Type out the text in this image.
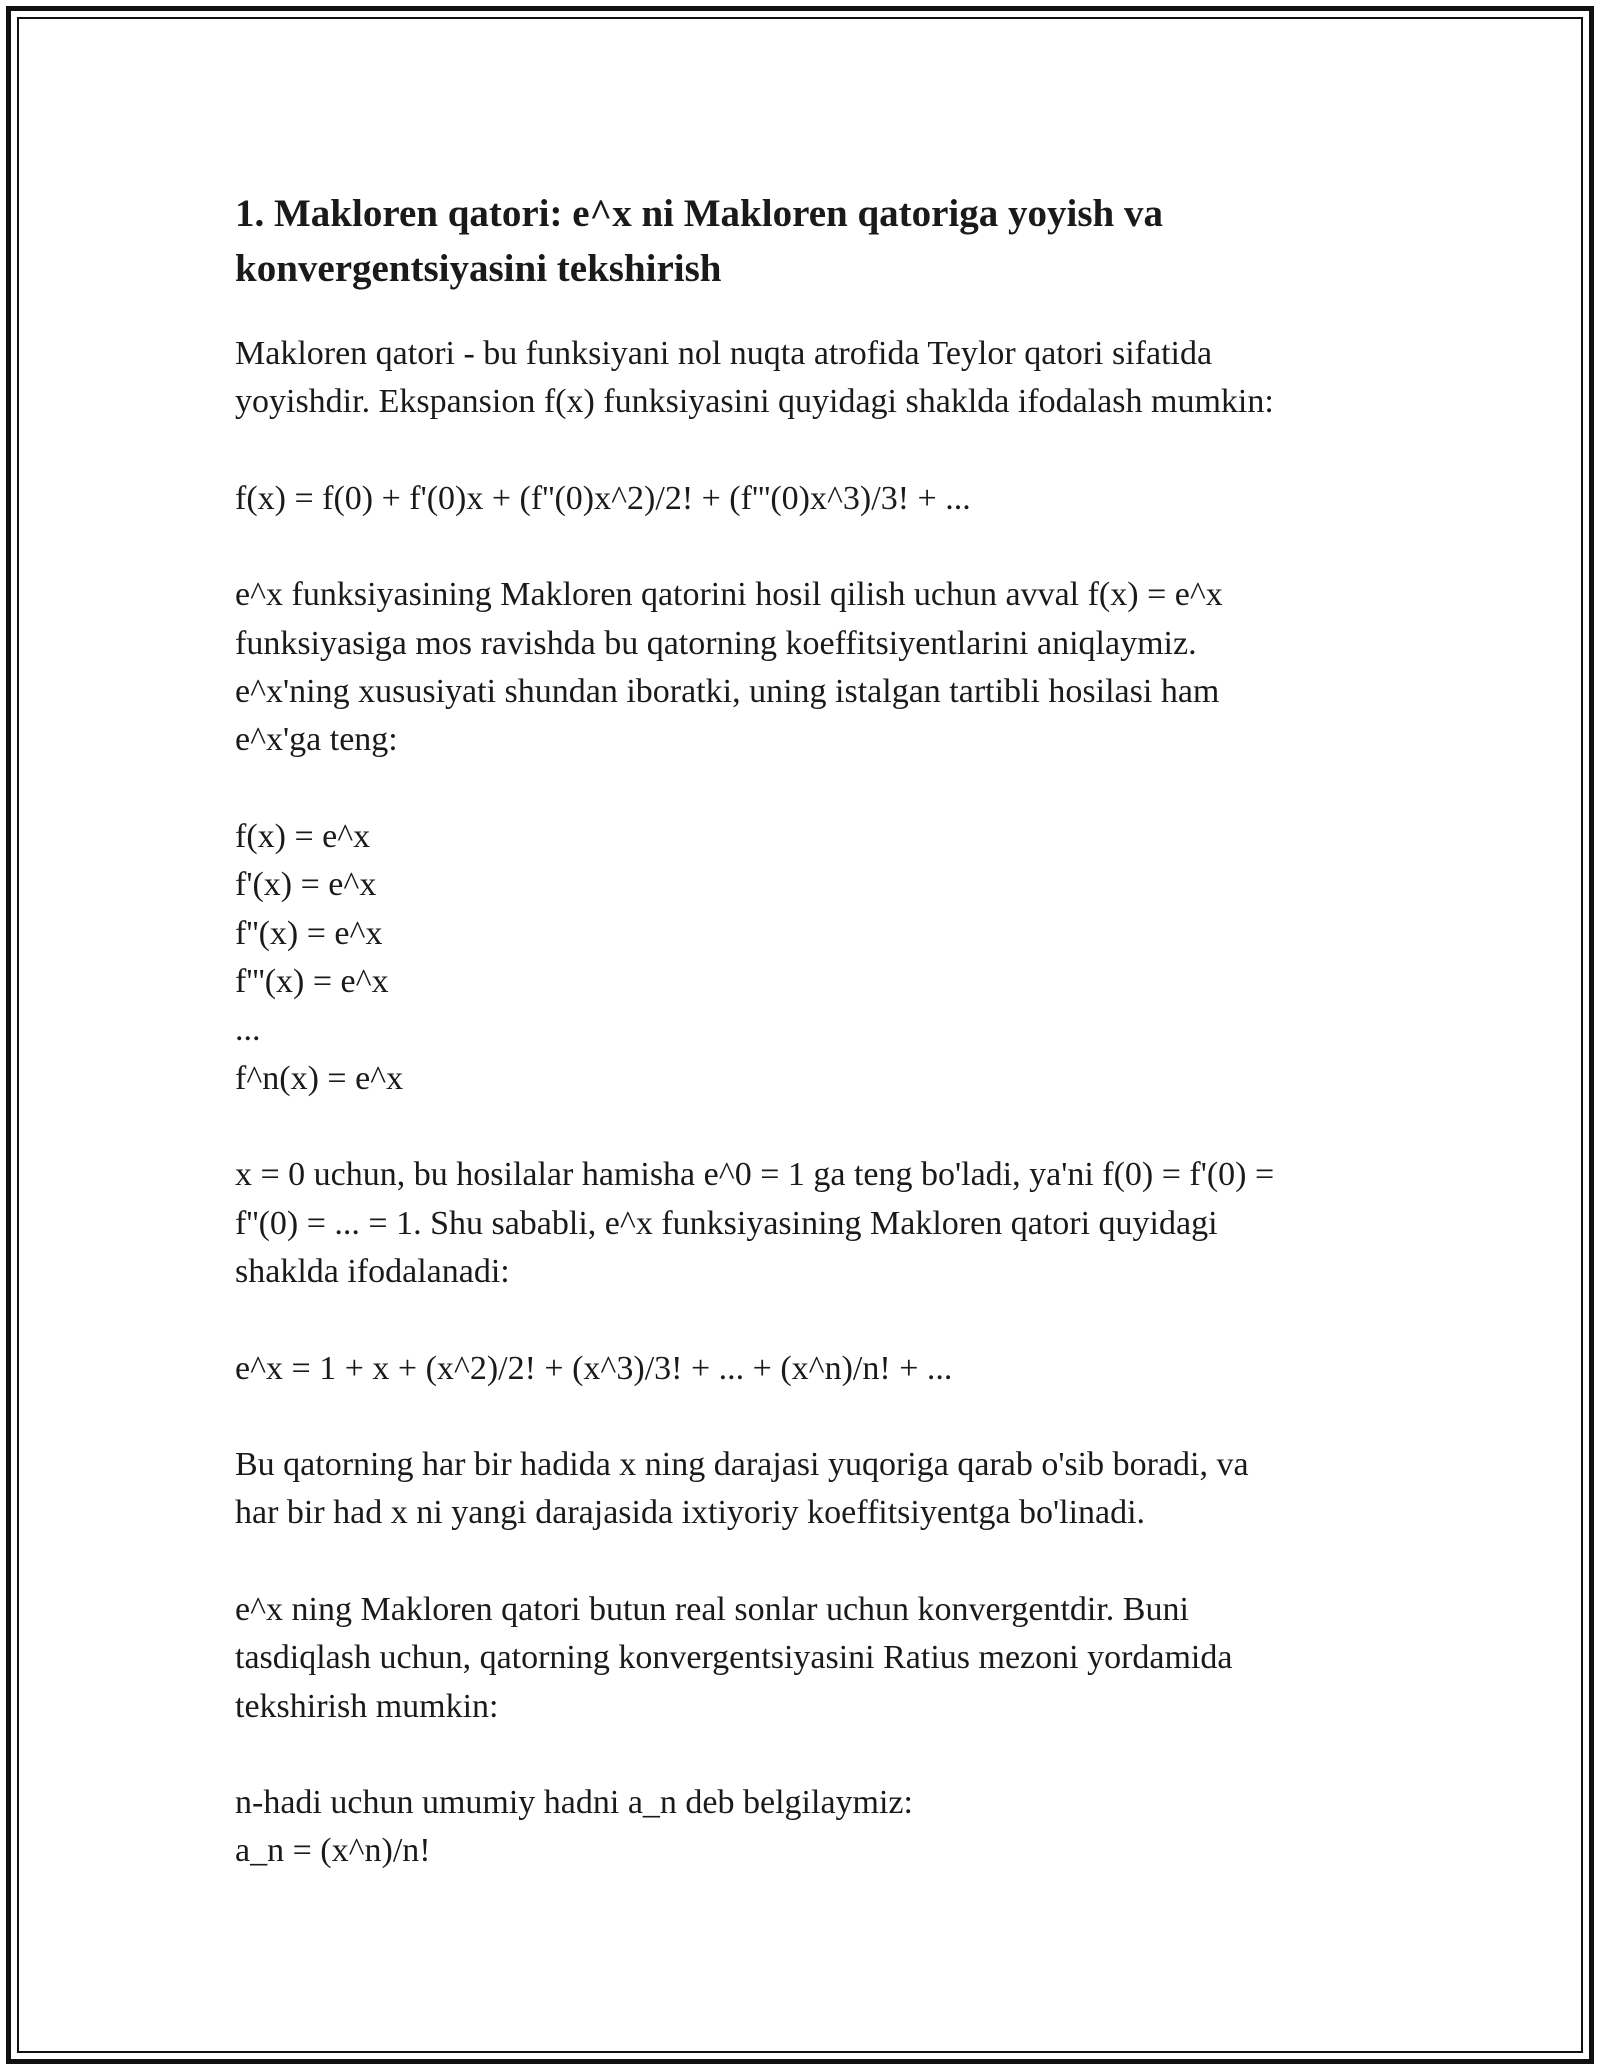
1. Makloren qatori: e^x ni Makloren qatoriga yoyish va
konvergentsiyasini tekshirish
Makloren qatori - bu funksiyani nol nuqta atrofida Teylor qatori sifatida
yoyishdir. Ekspansion f(x) funksiyasini quyidagi shaklda ifodalash mumkin:
f(x) = f(0) + f'(0)x + (f''(0)x^2)/2! + (f'''(0)x^3)/3! + ...
e^x funksiyasining Makloren qatorini hosil qilish uchun avval f(x) = e^x
funksiyasiga mos ravishda bu qatorning koeffitsiyentlarini aniqlaymiz.
e^x'ning xususiyati shundan iboratki, uning istalgan tartibli hosilasi ham
e^x'ga teng:
f(x) = e^x
f'(x) = e^x
f''(x) = e^x
f'''(x) = e^x
...
f^n(x) = e^x
x = 0 uchun, bu hosilalar hamisha e^0 = 1 ga teng bo'ladi, ya'ni f(0) = f'(0) =
f''(0) = ... = 1. Shu sababli, e^x funksiyasining Makloren qatori quyidagi
shaklda ifodalanadi:
e^x = 1 + x + (x^2)/2! + (x^3)/3! + ... + (x^n)/n! + ...
Bu qatorning har bir hadida x ning darajasi yuqoriga qarab o'sib boradi, va
har bir had x ni yangi darajasida ixtiyoriy koeffitsiyentga bo'linadi.
e^x ning Makloren qatori butun real sonlar uchun konvergentdir. Buni
tasdiqlash uchun, qatorning konvergentsiyasini Ratius mezoni yordamida
tekshirish mumkin:
n-hadi uchun umumiy hadni a_n deb belgilaymiz:
a_n = (x^n)/n!
